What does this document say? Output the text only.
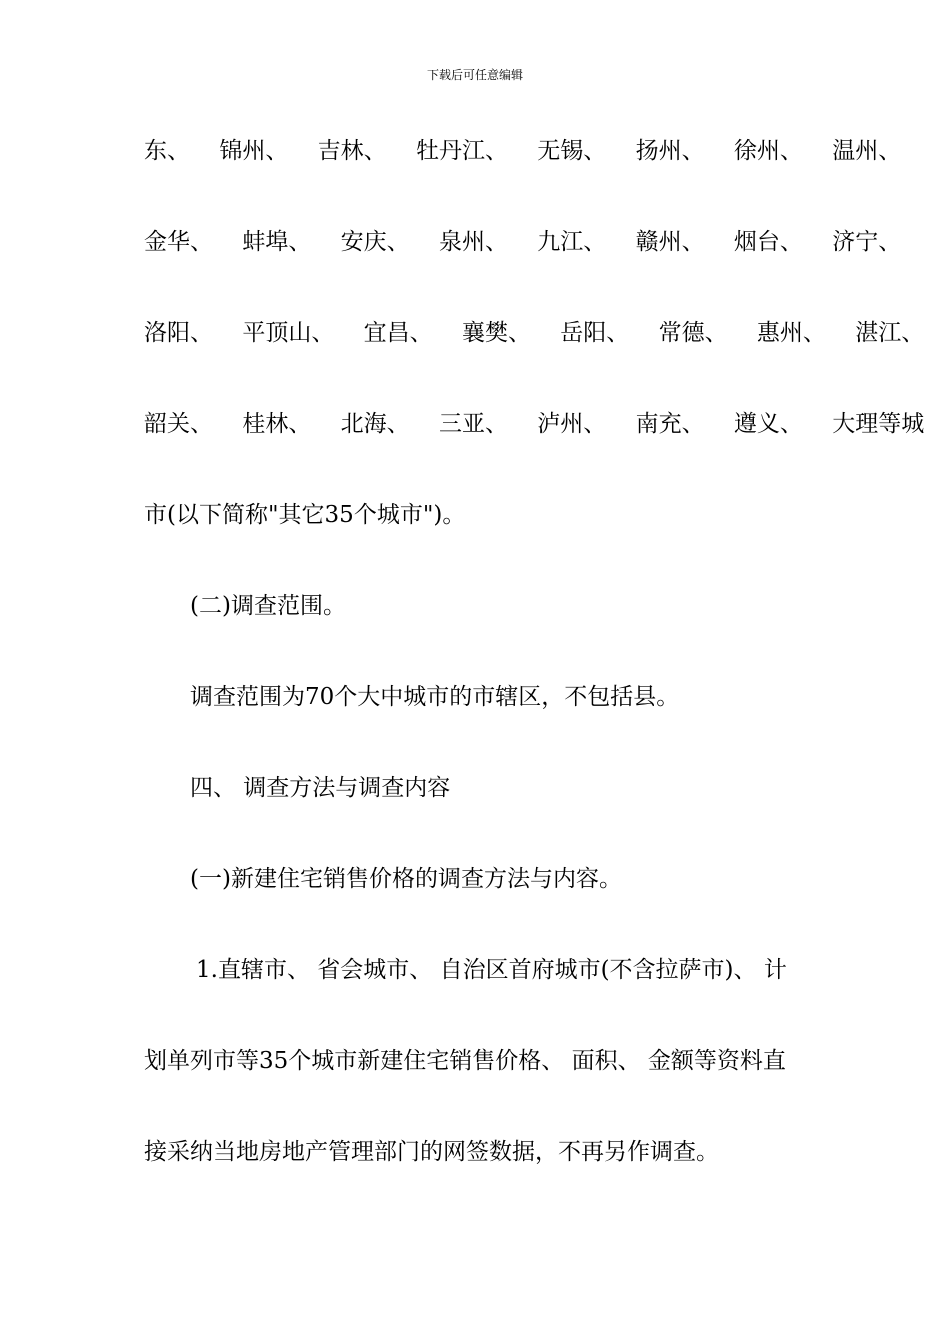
下载后可任意编辑
东、 锦州、 吉林、 牡丹江、 无锡、 扬州、 徐州、 温州、
金华、 蚌埠、 安庆、 泉州、 九江、 赣州、 烟台、 济宁、
洛阳、 平顶山、 宜昌、 襄樊、 岳阳、 常德、 惠州、 湛江、
韶关、 桂林、 北海、 三亚、 泸州、 南充、 遵义、 大理等城
市(以下简称"其它35个城市")。
(二)调查范围。
调查范围为70个大中城市的市辖区，不包括县。
四、 调查方法与调查内容
(一)新建住宅销售价格的调查方法与内容。
1.直辖市、 省会城市、 自治区首府城市(不含拉萨市)、 计
划单列市等35个城市新建住宅销售价格、 面积、 金额等资料直
接采纳当地房地产管理部门的网签数据，不再另作调查。
